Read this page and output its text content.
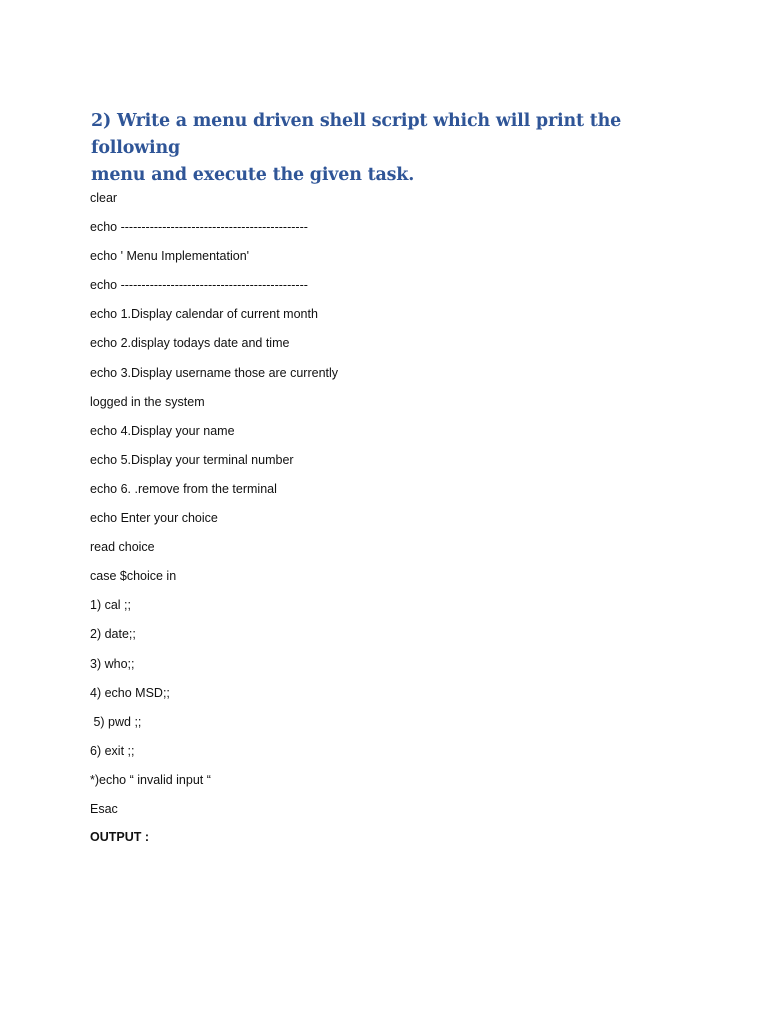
2) Write a menu driven shell script which will print the following
menu and execute the given task.
clear
echo ---------------------------------------------
echo ' Menu Implementation'
echo ---------------------------------------------
echo 1.Display calendar of current month
echo 2.display todays date and time
echo 3.Display username those are currently
logged in the system
echo 4.Display your name
echo 5.Display your terminal number
echo 6. .remove from the terminal
echo Enter your choice
read choice
case $choice in
1) cal ;;
2) date;;
3) who;;
4) echo MSD;;
5) pwd ;;
6) exit ;;
*)echo “ invalid input “
Esac
OUTPUT :
